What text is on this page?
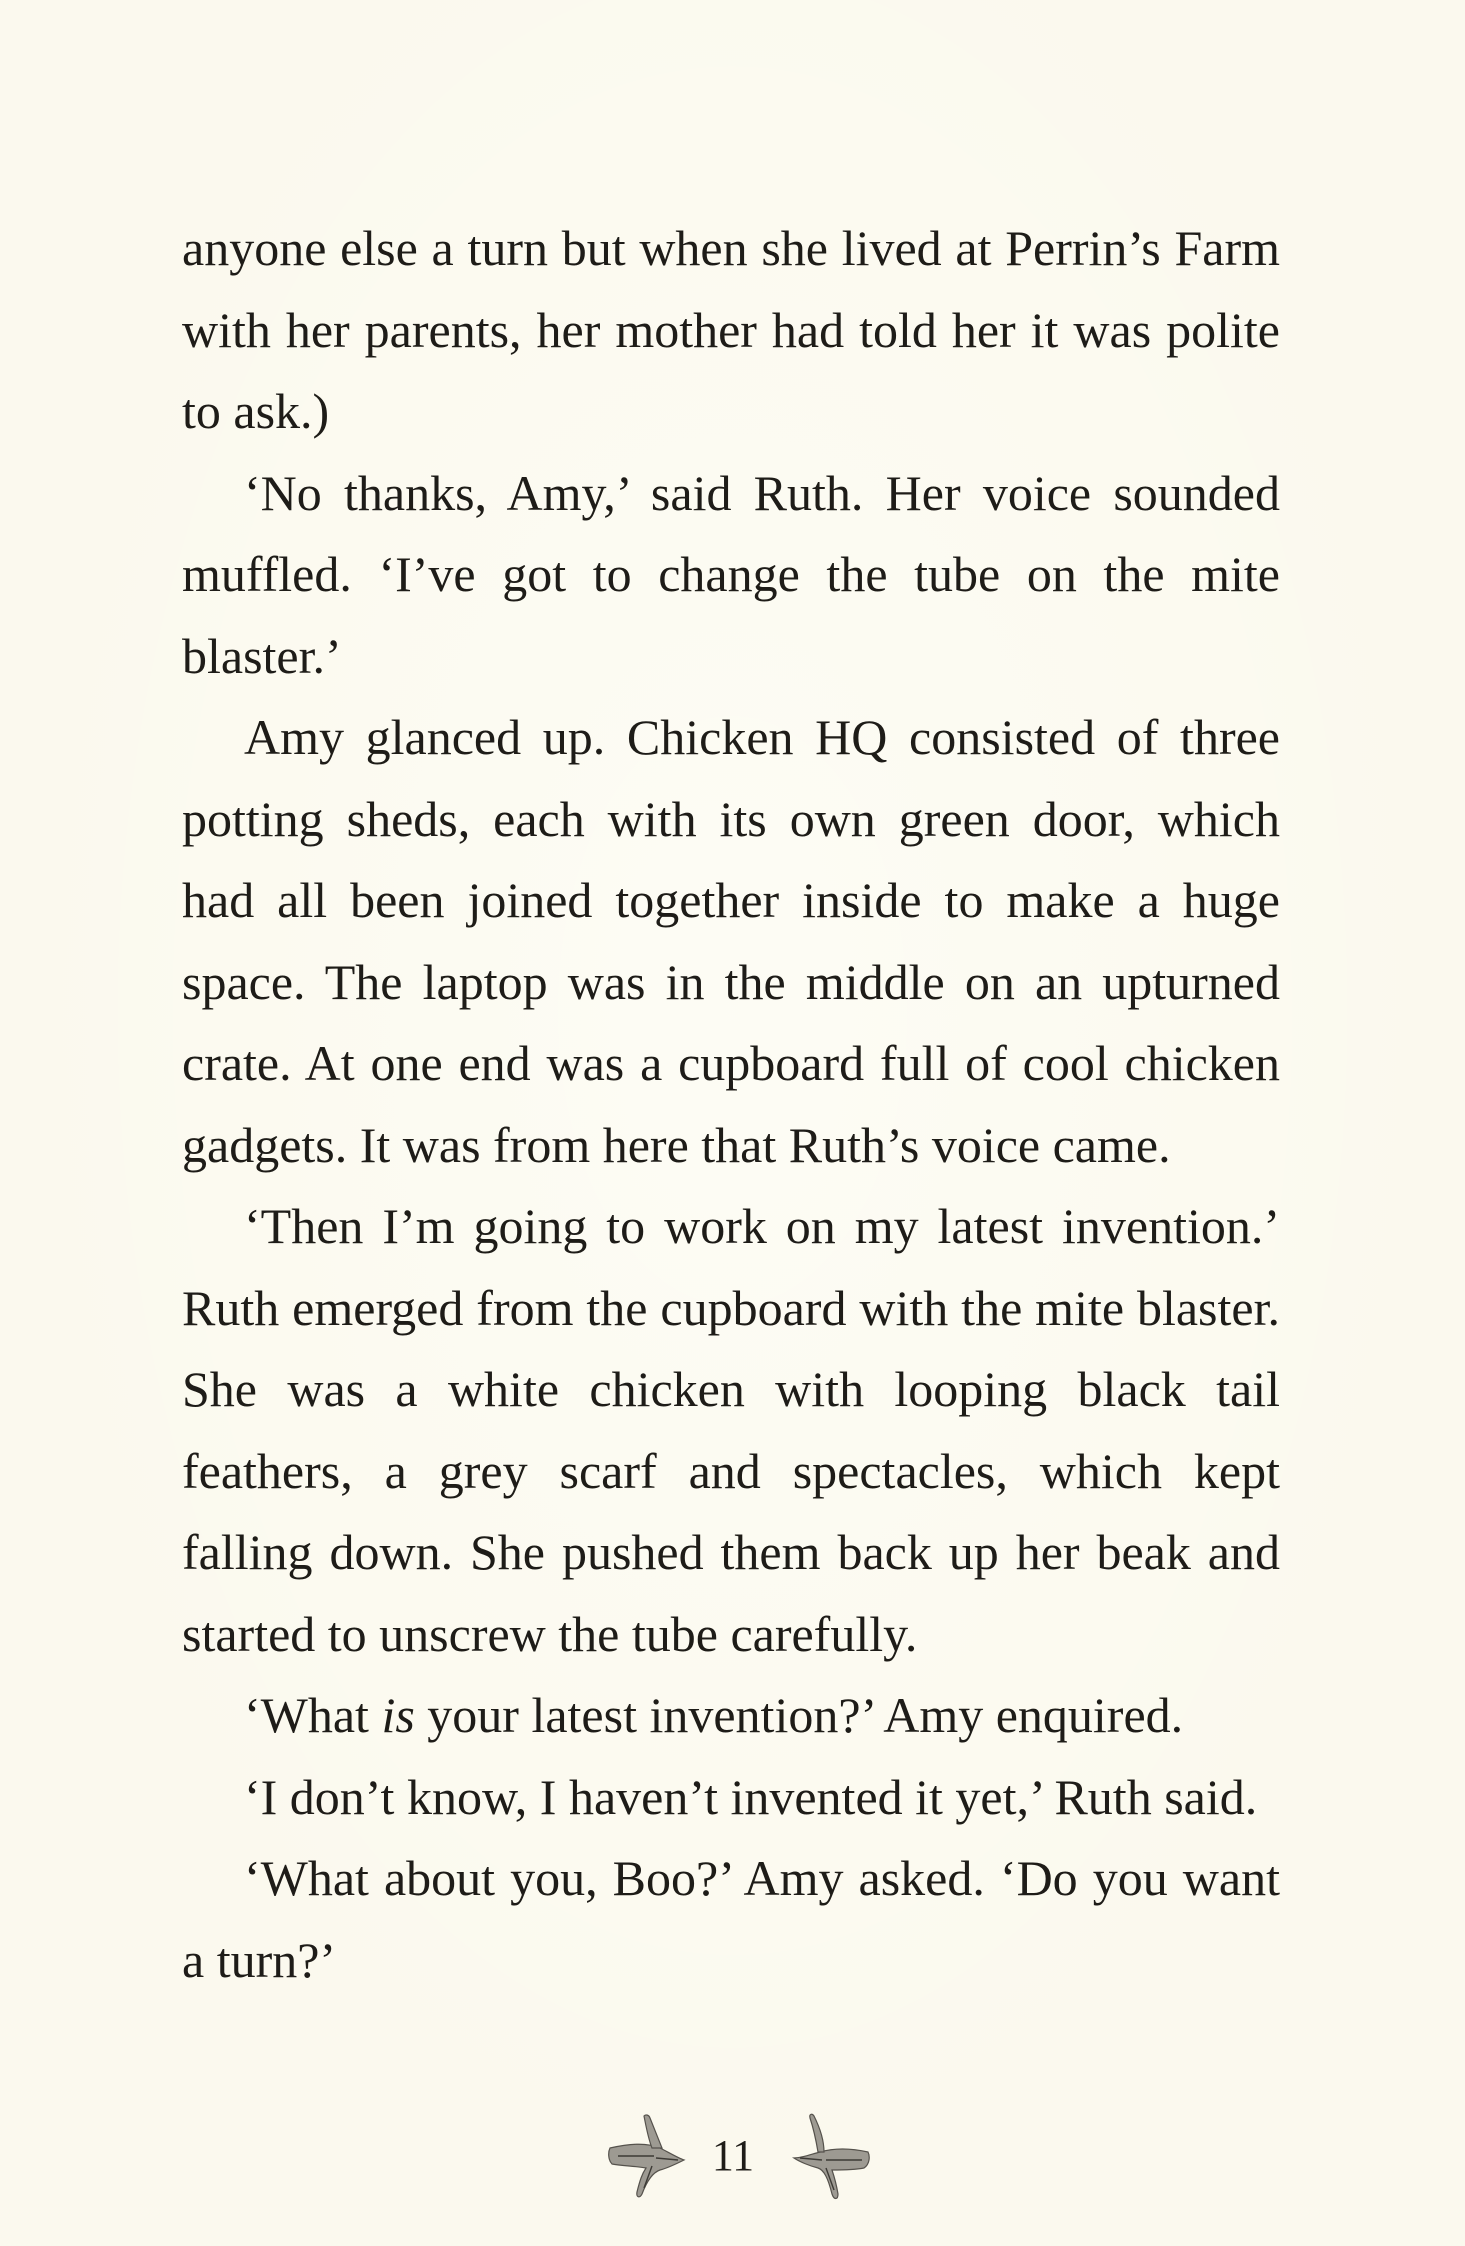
anyone else a turn but when she lived at Perrin’s Farm with her parents, her mother had told her it was polite to ask.)

‘No thanks, Amy,’ said Ruth. Her voice sounded muffled. ‘I’ve got to change the tube on the mite blaster.’

Amy glanced up. Chicken HQ consisted of three potting sheds, each with its own green door, which had all been joined together inside to make a huge space. The laptop was in the middle on an upturned crate. At one end was a cupboard full of cool chicken gadgets. It was from here that Ruth’s voice came.

‘Then I’m going to work on my latest invention.’ Ruth emerged from the cupboard with the mite blaster. She was a white chicken with looping black tail feathers, a grey scarf and spectacles, which kept falling down. She pushed them back up her beak and started to unscrew the tube carefully.

‘What is your latest invention?’ Amy enquired.

‘I don’t know, I haven’t invented it yet,’ Ruth said.

‘What about you, Boo?’ Amy asked. ‘Do you want a turn?’

11
